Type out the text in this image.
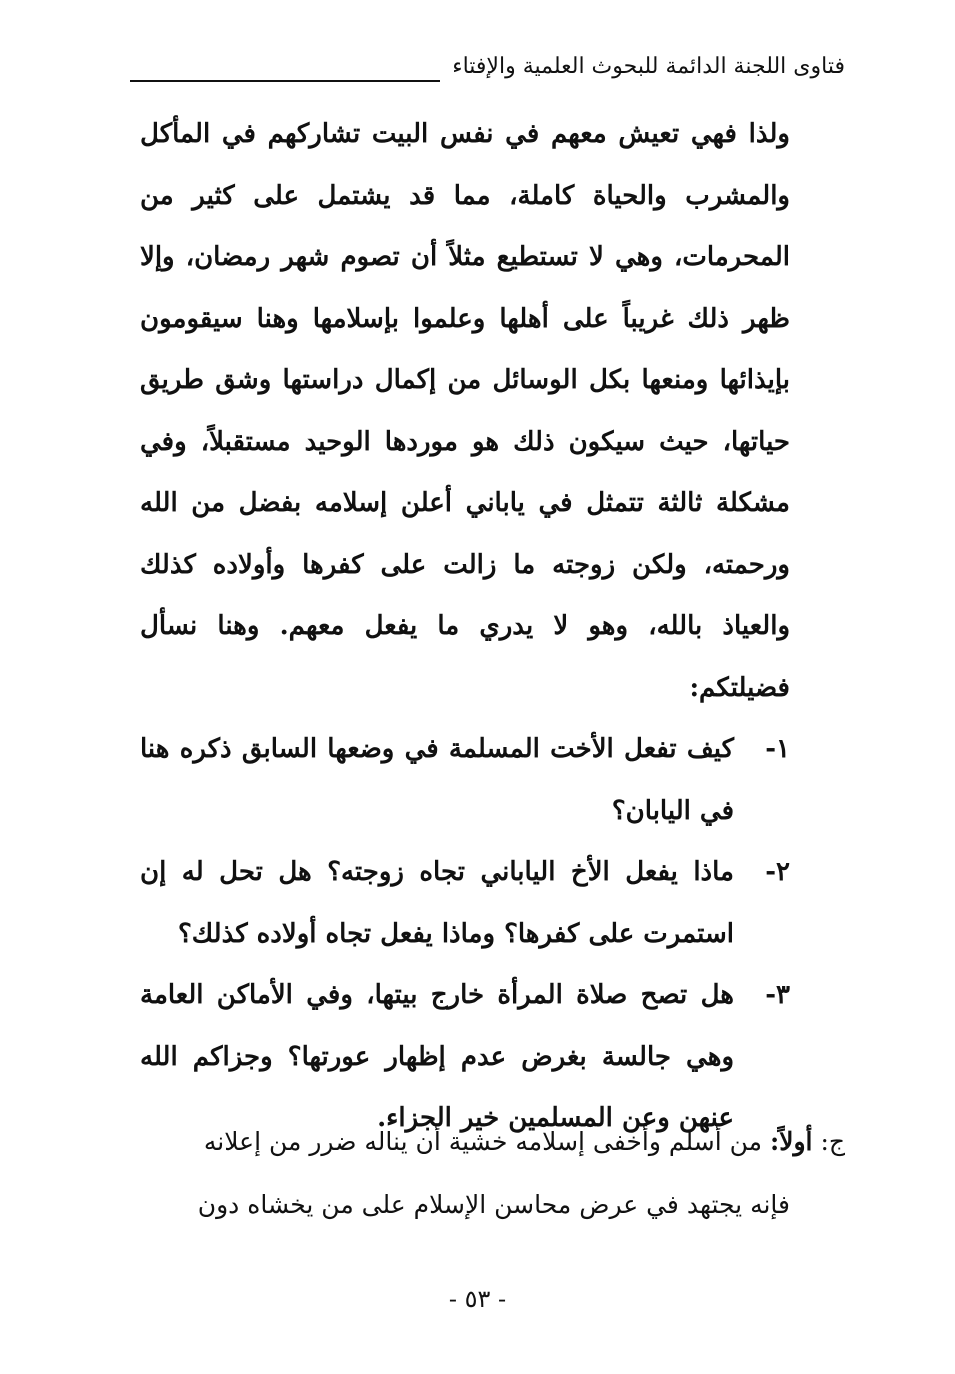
فتاوى اللجنة الدائمة للبحوث العلمية والإفتاء

ولذا فهي تعيش معهم في نفس البيت تشاركهم في المأكل والمشرب والحياة كاملة، مما قد يشتمل على كثير من المحرمات، وهي لا تستطيع مثلاً أن تصوم شهر رمضان، وإلا ظهر ذلك غريباً على أهلها وعلموا بإسلامها وهنا سيقومون بإيذائها ومنعها بكل الوسائل من إكمال دراستها وشق طريق حياتها، حيث سيكون ذلك هو موردها الوحيد مستقبلاً، وفي مشكلة ثالثة تتمثل في ياباني أعلن إسلامه بفضل من الله ورحمته، ولكن زوجته ما زالت على كفرها وأولاده كذلك والعياذ بالله، وهو لا يدري ما يفعل معهم. وهنا نسأل فضيلتكم:

١-
كيف تفعل الأخت المسلمة في وضعها السابق ذكره هنا في اليابان؟
٢-
ماذا يفعل الأخ الياباني تجاه زوجته؟ هل تحل له إن استمرت على كفرها؟ وماذا يفعل تجاه أولاده كذلك؟
٣-
هل تصح صلاة المرأة خارج بيتها، وفي الأماكن العامة وهي جالسة بغرض عدم إظهار عورتها؟ وجزاكم الله عنهن وعن المسلمين خير الجزاء.

ج: أولاً: من أسلم وأخفى إسلامه خشية أن يناله ضرر من إعلانه

فإنه يجتهد في عرض محاسن الإسلام على من يخشاه دون

- ٥٣ -
